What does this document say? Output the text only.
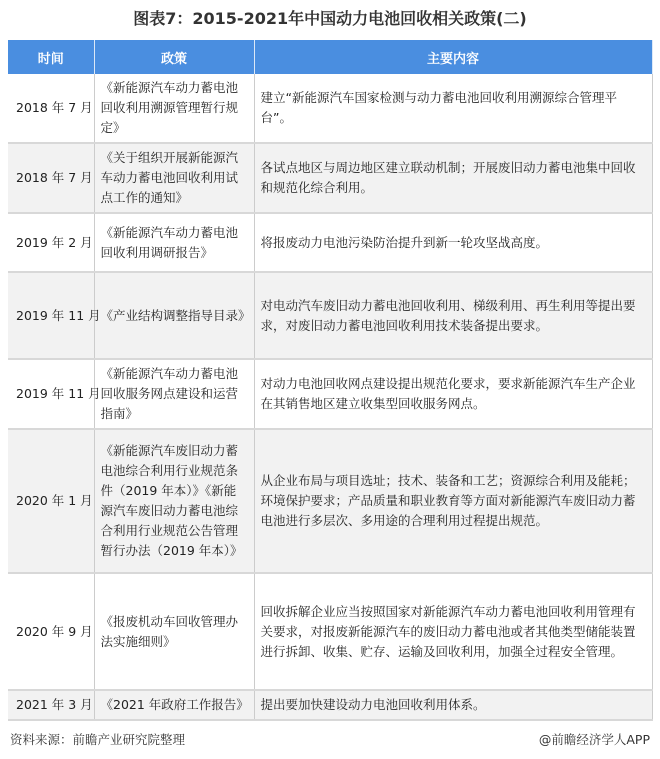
图表7：2015-2021年中国动力电池回收相关政策(二)
时间	政策	主要内容
2018 年 7 月	《新能源汽车动力蓄电池回收利用溯源管理暂行规定》	建立“新能源汽车国家检测与动力蓄电池回收利用溯源综合管理平台”。
2018 年 7 月	《关于组织开展新能源汽车动力蓄电池回收利用试点工作的通知》	各试点地区与周边地区建立联动机制；开展废旧动力蓄电池集中回收和规范化综合利用。
2019 年 2 月	《新能源汽车动力蓄电池回收利用调研报告》	将报废动力电池污染防治提升到新一轮攻坚战高度。
2019 年 11 月	《产业结构调整指导目录》	对电动汽车废旧动力蓄电池回收利用、梯级利用、再生利用等提出要求，对废旧动力蓄电池回收利用技术装备提出要求。
2019 年 11 月	《新能源汽车动力蓄电池回收服务网点建设和运营指南》	对动力电池回收网点建设提出规范化要求，要求新能源汽车生产企业在其销售地区建立收集型回收服务网点。
2020 年 1 月	《新能源汽车废旧动力蓄电池综合利用行业规范条件（2019 年本）》《新能源汽车废旧动力蓄电池综合利用行业规范公告管理暂行办法（2019 年本）》	从企业布局与项目选址；技术、装备和工艺；资源综合利用及能耗；环境保护要求；产品质量和职业教育等方面对新能源汽车废旧动力蓄电池进行多层次、多用途的合理利用过程提出规范。
2020 年 9 月	《报废机动车回收管理办法实施细则》	回收拆解企业应当按照国家对新能源汽车动力蓄电池回收利用管理有关要求，对报废新能源汽车的废旧动力蓄电池或者其他类型储能装置进行拆卸、收集、贮存、运输及回收利用，加强全过程安全管理。
2021 年 3 月	《2021 年政府工作报告》	提出要加快建设动力电池回收利用体系。
资料来源：前瞻产业研究院整理	@前瞻经济学人APP
